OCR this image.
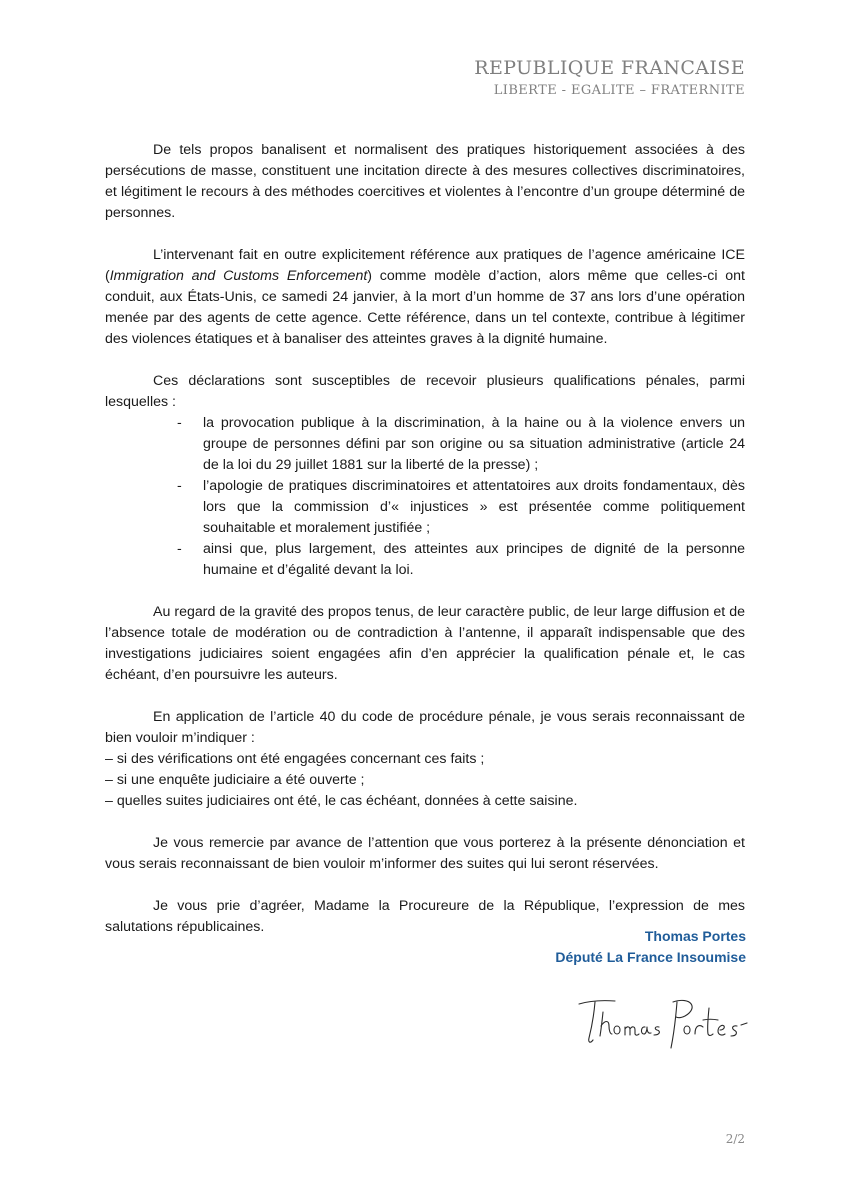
REPUBLIQUE FRANCAISE
LIBERTE - EGALITE – FRATERNITE

De tels propos banalisent et normalisent des pratiques historiquement associées à des persécutions de masse, constituent une incitation directe à des mesures collectives discriminatoires, et légitiment le recours à des méthodes coercitives et violentes à l’encontre d’un groupe déterminé de personnes.

L’intervenant fait en outre explicitement référence aux pratiques de l’agence américaine ICE (Immigration and Customs Enforcement) comme modèle d’action, alors même que celles-ci ont conduit, aux États-Unis, ce samedi 24 janvier, à la mort d’un homme de 37 ans lors d’une opération menée par des agents de cette agence. Cette référence, dans un tel contexte, contribue à légitimer des violences étatiques et à banaliser des atteintes graves à la dignité humaine.

Ces déclarations sont susceptibles de recevoir plusieurs qualifications pénales, parmi lesquelles :

- la provocation publique à la discrimination, à la haine ou à la violence envers un groupe de personnes défini par son origine ou sa situation administrative (article 24 de la loi du 29 juillet 1881 sur la liberté de la presse) ;
- l’apologie de pratiques discriminatoires et attentatoires aux droits fondamentaux, dès lors que la commission d’« injustices » est présentée comme politiquement souhaitable et moralement justifiée ;
- ainsi que, plus largement, des atteintes aux principes de dignité de la personne humaine et d’égalité devant la loi.

Au regard de la gravité des propos tenus, de leur caractère public, de leur large diffusion et de l’absence totale de modération ou de contradiction à l’antenne, il apparaît indispensable que des investigations judiciaires soient engagées afin d’en apprécier la qualification pénale et, le cas échéant, d’en poursuivre les auteurs.

En application de l’article 40 du code de procédure pénale, je vous serais reconnaissant de bien vouloir m’indiquer :

– si des vérifications ont été engagées concernant ces faits ;
– si une enquête judiciaire a été ouverte ;
– quelles suites judiciaires ont été, le cas échéant, données à cette saisine.

Je vous remercie par avance de l’attention que vous porterez à la présente dénonciation et vous serais reconnaissant de bien vouloir m’informer des suites qui lui seront réservées.

Je vous prie d’agréer, Madame la Procureure de la République, l’expression de mes salutations républicaines.

Thomas Portes
Député La France Insoumise
2/2
